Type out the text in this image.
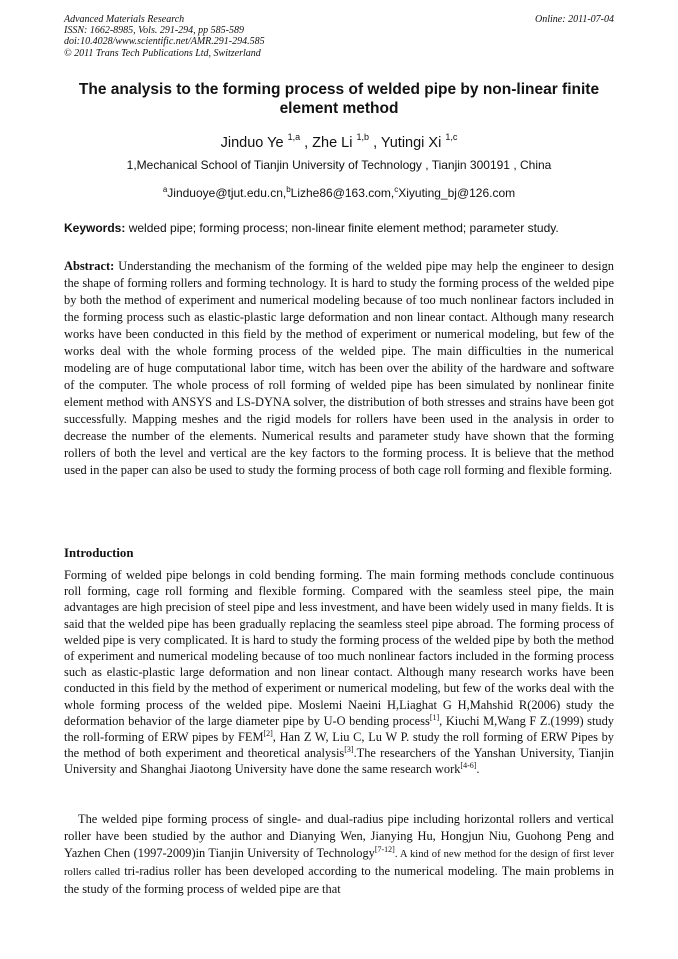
Advanced Materials Research
ISSN: 1662-8985, Vols. 291-294, pp 585-589
doi:10.4028/www.scientific.net/AMR.291-294.585
© 2011 Trans Tech Publications Ltd, Switzerland
Online: 2011-07-04
The analysis to the forming process of welded pipe by non-linear finite element method
Jinduo Ye $^{1,a}$ , Zhe Li $^{1,b}$ , Yutingi Xi $^{1,c}$
1,Mechanical School of Tianjin University of Technology , Tianjin 300191 , China
$^a$Jinduoye@tjut.edu.cn,$^b$Lizhe86@163.com,$^c$Xiyuting_bj@126.com
Keywords: welded pipe; forming process; non-linear finite element method; parameter study.

Abstract: Understanding the mechanism of the forming of the welded pipe may help the engineer to design the shape of forming rollers and forming technology. It is hard to study the forming process of the welded pipe by both the method of experiment and numerical modeling because of too much nonlinear factors included in the forming process such as elastic-plastic large deformation and non linear contact. Although many research works have been conducted in this field by the method of experiment or numerical modeling, but few of the works deal with the whole forming process of the welded pipe. The main difficulties in the numerical modeling are of huge computational labor time, witch has been over the ability of the hardware and software of the computer. The whole process of roll forming of welded pipe has been simulated by nonlinear finite element method with ANSYS and LS-DYNA solver, the distribution of both stresses and strains have been got successfully. Mapping meshes and the rigid models for rollers have been used in the analysis in order to decrease the number of the elements. Numerical results and parameter study have shown that the forming rollers of both the level and vertical are the key factors to the forming process. It is believe that the method used in the paper can also be used to study the forming process of both cage roll forming and flexible forming.

Introduction

Forming of welded pipe belongs in cold bending forming. The main forming methods conclude continuous roll forming, cage roll forming and flexible forming. Compared with the seamless steel pipe, the main advantages are high precision of steel pipe and less investment, and have been widely used in many fields. It is said that the welded pipe has been gradually replacing the seamless steel pipe abroad. The forming process of welded pipe is very complicated. It is hard to study the forming process of the welded pipe by both the method of experiment and numerical modeling because of too much nonlinear factors included in the forming process such as elastic-plastic large deformation and non linear contact. Although many research works have been conducted in this field by the method of experiment or numerical modeling, but few of the works deal with the whole forming process of the welded pipe. Moslemi Naeini H,Liaghat G H,Mahshid R(2006) study the deformation behavior of the large diameter pipe by U-O bending process[1], Kiuchi M,Wang F Z.(1999) study the roll-forming of ERW pipes by FEM[2], Han Z W, Liu C, Lu W P. study the roll forming of ERW Pipes by the method of both experiment and theoretical analysis[3].The researchers of the Yanshan University, Tianjin University and Shanghai Jiaotong University have done the same research work[4-6].

The welded pipe forming process of single- and dual-radius pipe including horizontal rollers and vertical roller have been studied by the author and Dianying Wen, Jianying Hu, Hongjun Niu, Guohong Peng and Yazhen Chen (1997-2009)in Tianjin University of Technology[7-12]. A kind of new method for the design of first lever rollers called tri-radius roller has been developed according to the numerical modeling. The main problems in the study of the forming process of welded pipe are that
